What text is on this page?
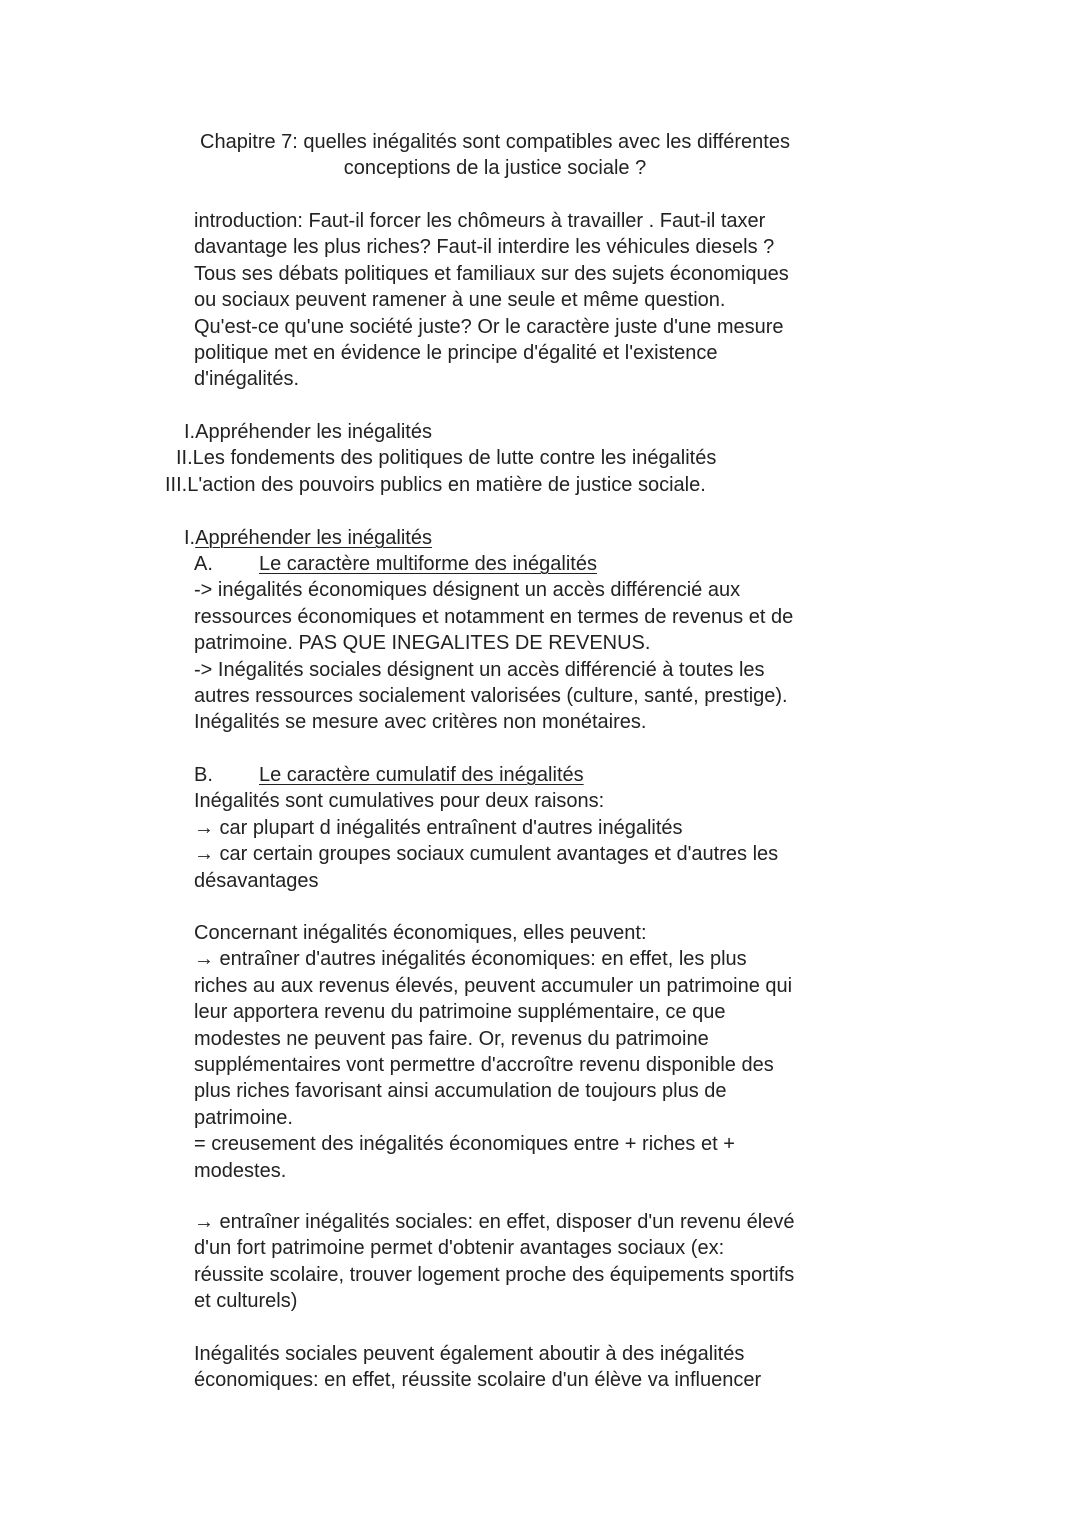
Chapitre 7: quelles inégalités sont compatibles avec les différentes
conceptions de la justice sociale ?
introduction: Faut-il forcer les chômeurs à travailler . Faut-il taxer
davantage les plus riches? Faut-il interdire les véhicules diesels ?
Tous ses débats politiques et familiaux sur des sujets économiques
ou sociaux peuvent ramener à une seule et même question.
Qu'est-ce qu'une société juste? Or le caractère juste d'une mesure
politique met en évidence le principe d'égalité et l'existence
d'inégalités.
I.Appréhender les inégalités
II.Les fondements des politiques de lutte contre les inégalités
III.L'action des pouvoirs publics en matière de justice sociale.
I.Appréhender les inégalités
A. Le caractère multiforme des inégalités
-> inégalités économiques désignent un accès différencié aux
ressources économiques et notamment en termes de revenus et de
patrimoine. PAS QUE INEGALITES DE REVENUS.
-> Inégalités sociales désignent un accès différencié à toutes les
autres ressources socialement valorisées (culture, santé, prestige).
Inégalités se mesure avec critères non monétaires.
B. Le caractère cumulatif des inégalités
Inégalités sont cumulatives pour deux raisons:
→ car plupart d inégalités entraînent d'autres inégalités
→ car certain groupes sociaux cumulent avantages et d'autres les
désavantages
Concernant inégalités économiques, elles peuvent:
→ entraîner d'autres inégalités économiques: en effet, les plus
riches au aux revenus élevés, peuvent accumuler un patrimoine qui
leur apportera revenu du patrimoine supplémentaire, ce que
modestes ne peuvent pas faire. Or, revenus du patrimoine
supplémentaires vont permettre d'accroître revenu disponible des
plus riches favorisant ainsi accumulation de toujours plus de
patrimoine.
= creusement des inégalités économiques entre + riches et +
modestes.
→ entraîner inégalités sociales: en effet, disposer d'un revenu élevé
d'un fort patrimoine permet d'obtenir avantages sociaux (ex:
réussite scolaire, trouver logement proche des équipements sportifs
et culturels)
Inégalités sociales peuvent également aboutir à des inégalités
économiques: en effet, réussite scolaire d'un élève va influencer
